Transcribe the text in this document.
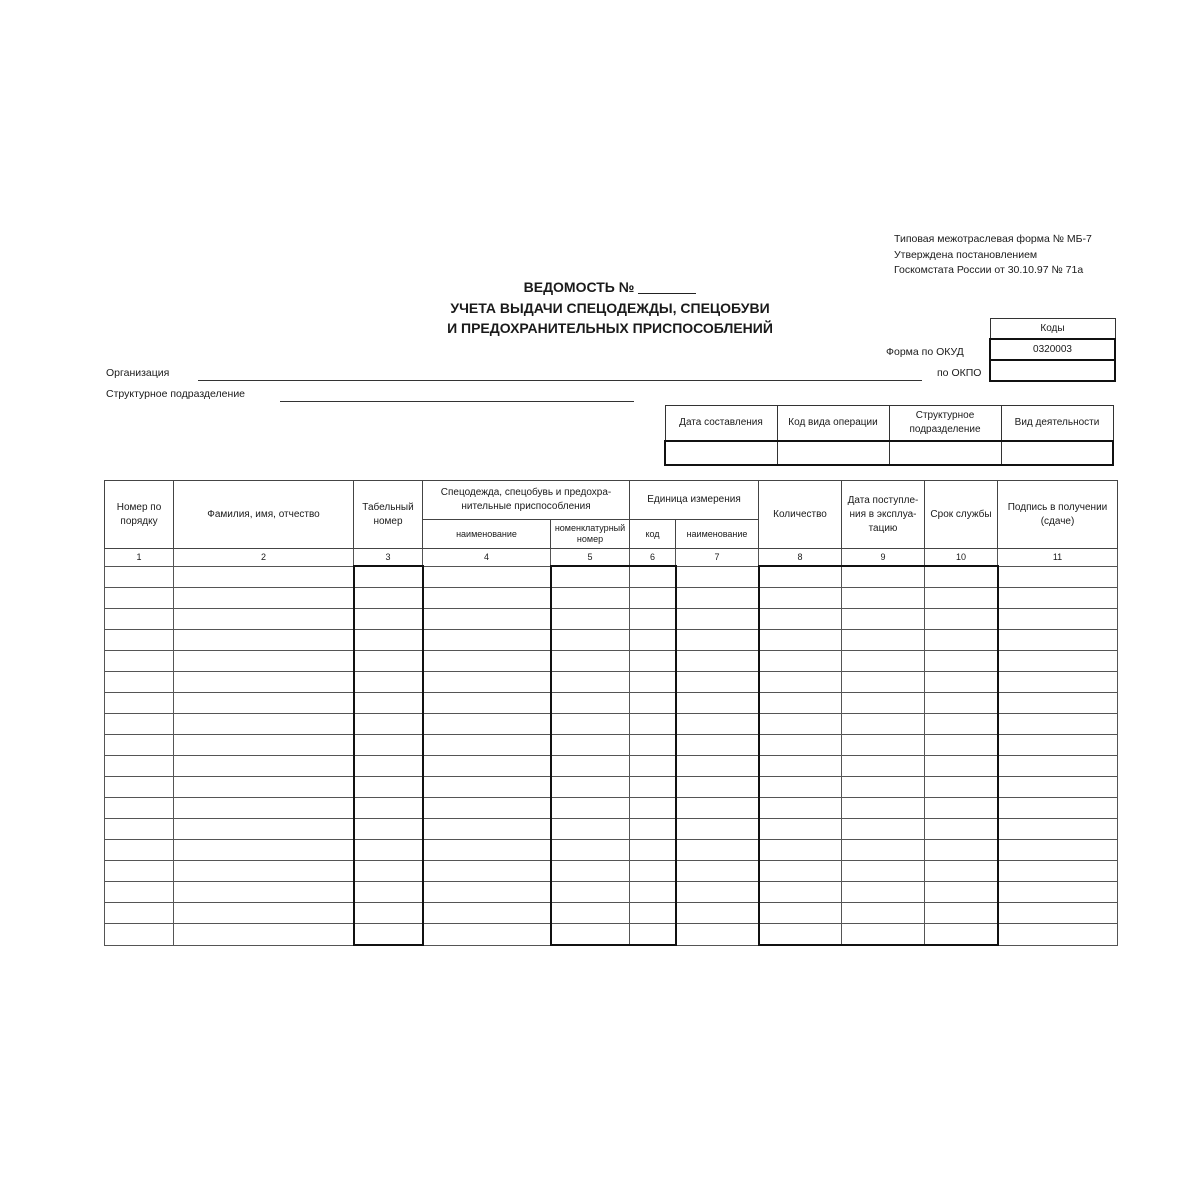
Типовая межотраслевая форма № МБ-7
Утверждена постановлением
Госкомстата России от 30.10.97 № 71а
ВЕДОМОСТЬ №
УЧЕТА ВЫДАЧИ СПЕЦОДЕЖДЫ, СПЕЦОБУВИ
И ПРЕДОХРАНИТЕЛЬНЫХ ПРИСПОСОБЛЕНИЙ
Форма по ОКУД
по ОКПО
Коды
0320003

Организация
Структурное подразделение
Дата составления	Код вида операции	Структурное подразделение	Вид деятельности

Номер по порядку	Фамилия, имя, отчество	Табельный номер	Спецодежда, спецобувь и предохра-нительные приспособления		Единица измерения		Количество	Дата поступле-ния в эксплуа-тацию	Срок службы	Подпись в получении (сдаче)
			наименование	номенклатурный номер	код	наименование				
1	2	3	4	5	6	7	8	9	10	11
